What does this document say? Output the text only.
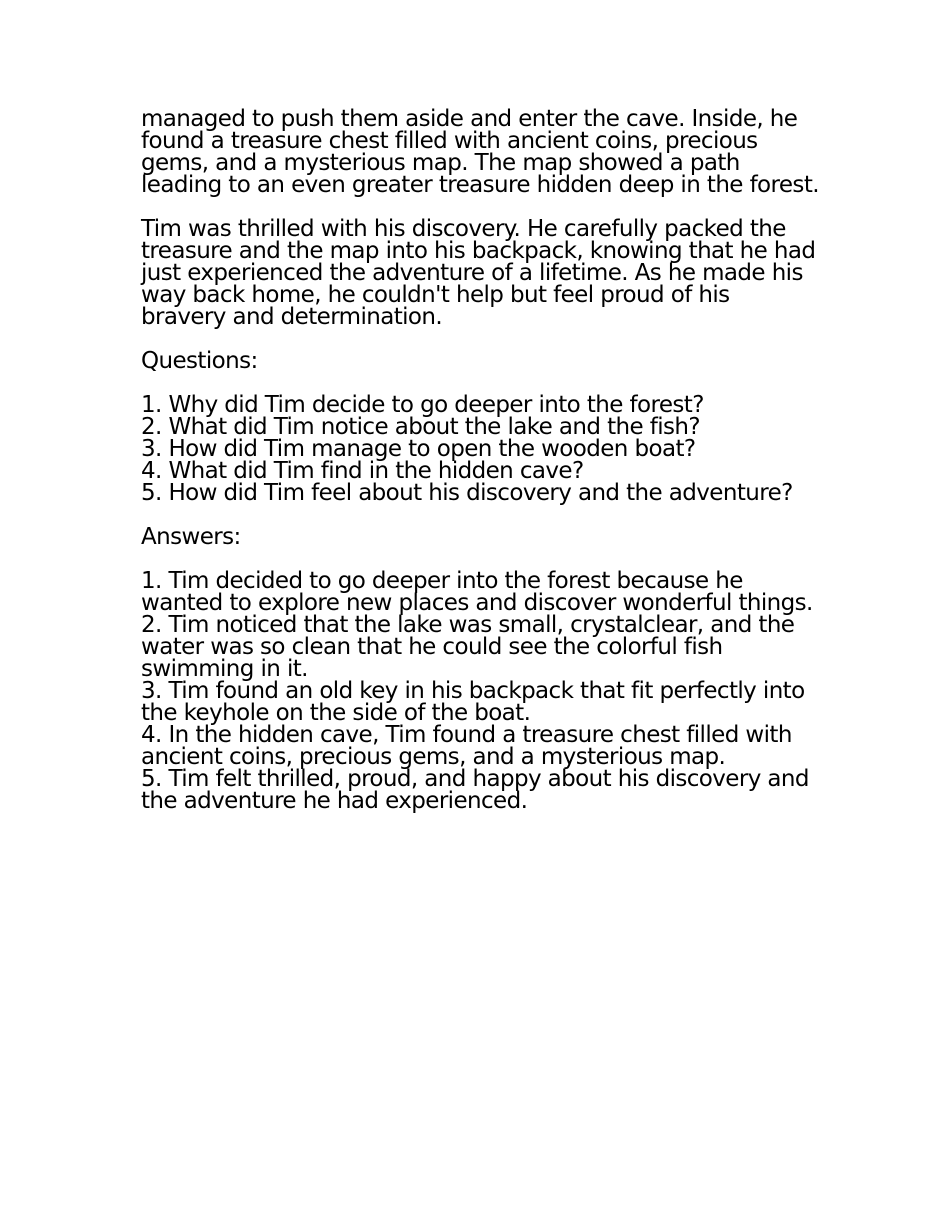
managed to push them aside and enter the cave. Inside, he found a treasure chest filled with ancient coins, precious gems, and a mysterious map. The map showed a path leading to an even greater treasure hidden deep in the forest.

Tim was thrilled with his discovery. He carefully packed the treasure and the map into his backpack, knowing that he had just experienced the adventure of a lifetime. As he made his way back home, he couldn't help but feel proud of his bravery and determination.

Questions:

1. Why did Tim decide to go deeper into the forest?
2. What did Tim notice about the lake and the fish?
3. How did Tim manage to open the wooden boat?
4. What did Tim find in the hidden cave?
5. How did Tim feel about his discovery and the adventure?

Answers:

1. Tim decided to go deeper into the forest because he wanted to explore new places and discover wonderful things.
2. Tim noticed that the lake was small, crystalclear, and the water was so clean that he could see the colorful fish swimming in it.
3. Tim found an old key in his backpack that fit perfectly into the keyhole on the side of the boat.
4. In the hidden cave, Tim found a treasure chest filled with ancient coins, precious gems, and a mysterious map.
5. Tim felt thrilled, proud, and happy about his discovery and the adventure he had experienced.
